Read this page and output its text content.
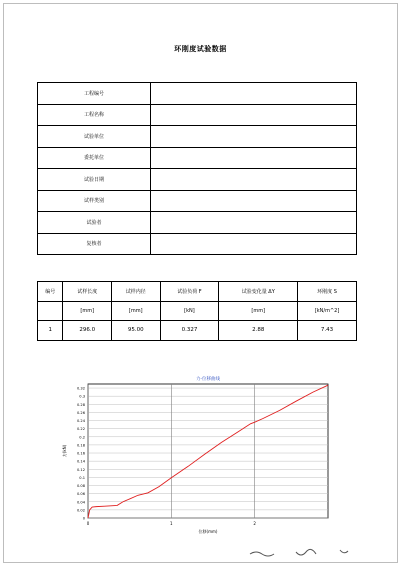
环刚度试验数据
工程编号	
工程名称	
试验单位	
委托单位	
试验日期	
试样类别	
试验者	
复核者	
编号	试样长度	试样内径	试验负荷 F	试验变化量 ΔY	环刚度 S
	[mm]	[mm]	[kN]	[mm]	[kN/m^2]
1	296.0	95.00	0.327	2.88	7.43
0
0.02
0.04
0.06
0.08
0.1
0.12
0.14
0.16
0.18
0.2
0.22
0.24
0.26
0.28
0.3
0.32
0	1	2
力-位移曲线
位移(mm)
力(kN)
